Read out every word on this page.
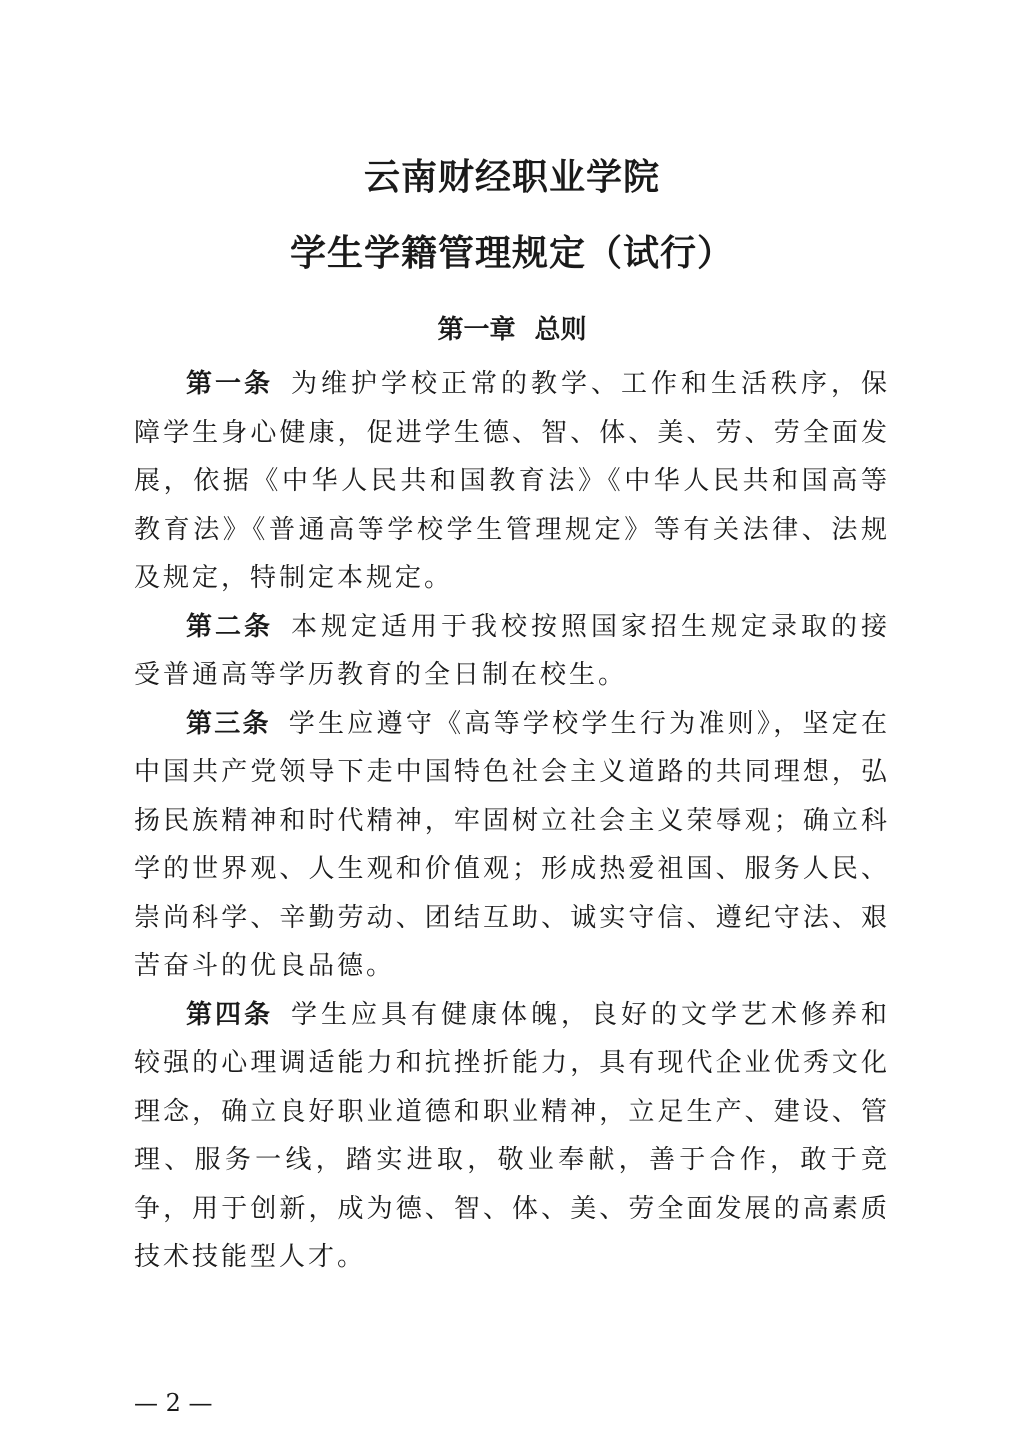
云南财经职业学院

学生学籍管理规定（试行）

第一章 总则

第一条 为维护学校正常的教学、工作和生活秩序，保障学生身心健康，促进学生德、智、体、美、劳、劳全面发展，依据《中华人民共和国教育法》《中华人民共和国高等教育法》《普通高等学校学生管理规定》等有关法律、法规及规定，特制定本规定。

第二条 本规定适用于我校按照国家招生规定录取的接受普通高等学历教育的全日制在校生。

第三条 学生应遵守《高等学校学生行为准则》，坚定在中国共产党领导下走中国特色社会主义道路的共同理想，弘扬民族精神和时代精神，牢固树立社会主义荣辱观；确立科学的世界观、人生观和价值观；形成热爱祖国、服务人民、崇尚科学、辛勤劳动、团结互助、诚实守信、遵纪守法、艰苦奋斗的优良品德。

第四条 学生应具有健康体魄，良好的文学艺术修养和较强的心理调适能力和抗挫折能力，具有现代企业优秀文化理念，确立良好职业道德和职业精神，立足生产、建设、管理、服务一线，踏实进取，敬业奉献，善于合作，敢于竞争，用于创新，成为德、智、体、美、劳全面发展的高素质技术技能型人才。

— 2 —
